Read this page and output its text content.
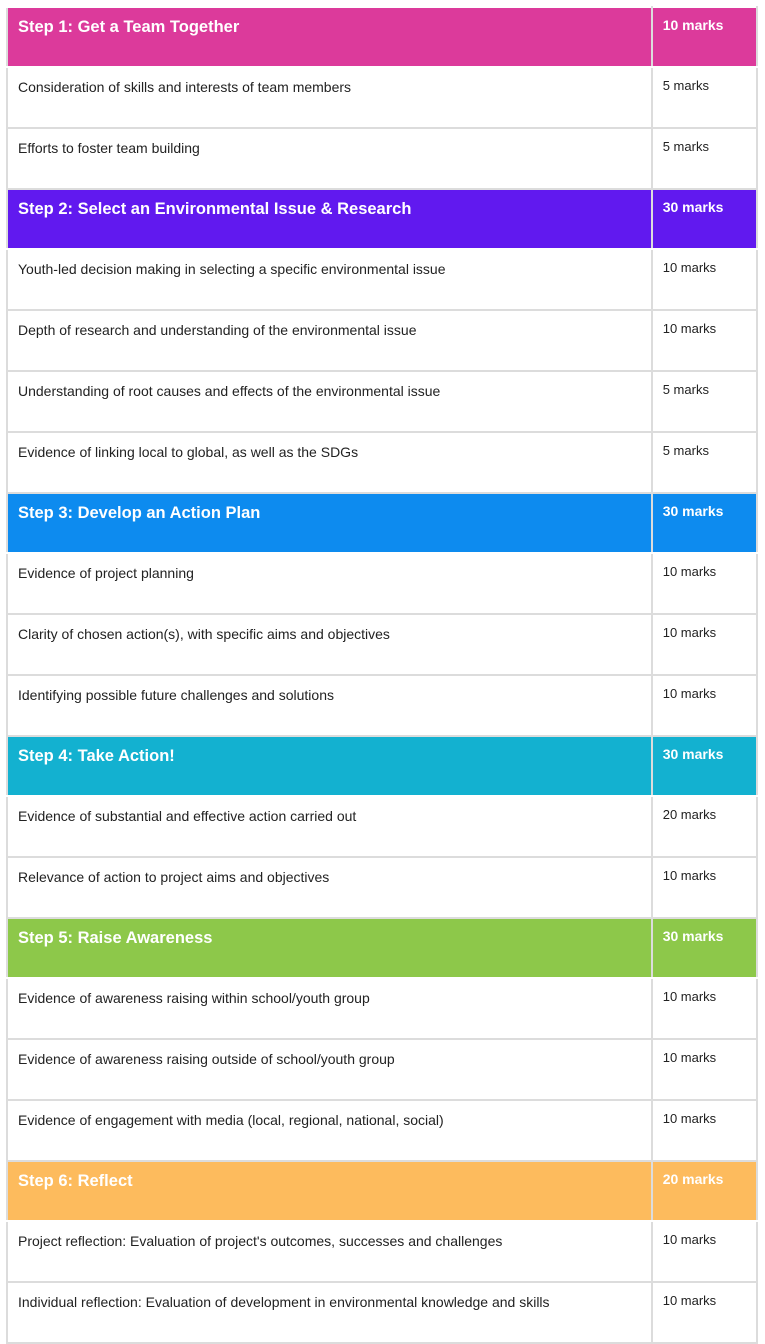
Step 1: Get a Team Together	10 marks
Consideration of skills and interests of team members	5 marks
Efforts to foster team building	5 marks
Step 2: Select an Environmental Issue & Research	30 marks
Youth-led decision making in selecting a specific environmental issue	10 marks
Depth of research and understanding of the environmental issue	10 marks
Understanding of root causes and effects of the environmental issue	5 marks
Evidence of linking local to global, as well as the SDGs	5 marks
Step 3: Develop an Action Plan	30 marks
Evidence of project planning	10 marks
Clarity of chosen action(s), with specific aims and objectives	10 marks
Identifying possible future challenges and solutions	10 marks
Step 4: Take Action!	30 marks
Evidence of substantial and effective action carried out	20 marks
Relevance of action to project aims and objectives	10 marks
Step 5: Raise Awareness	30 marks
Evidence of awareness raising within school/youth group	10 marks
Evidence of awareness raising outside of school/youth group	10 marks
Evidence of engagement with media (local, regional, national, social)	10 marks
Step 6: Reflect	20 marks
Project reflection: Evaluation of project's outcomes, successes and challenges	10 marks
Individual reflection: Evaluation of development in environmental knowledge and skills	10 marks
